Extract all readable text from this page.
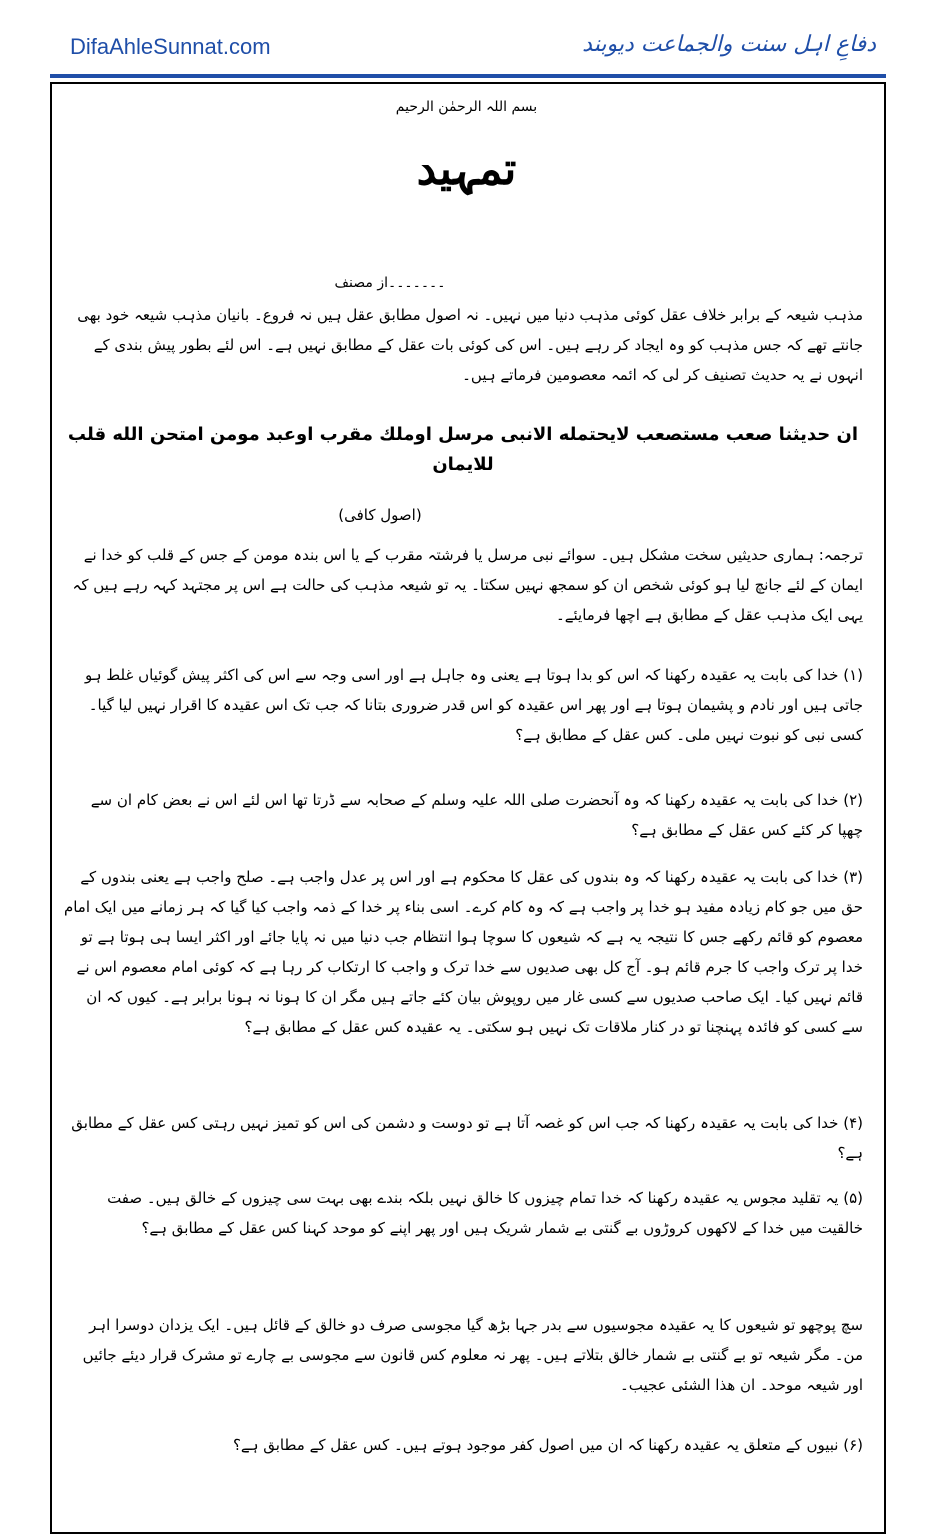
DifaAhleSunnat.com	دفاعِ اہل سنت والجماعت دیوبند
بسم اللہ الرحمٰن الرحیم
تمہید
۔۔۔۔۔۔۔از مصنف
مذہب شیعہ کے برابر خلاف عقل کوئی مذہب دنیا میں نہیں۔ نہ اصول مطابق عقل ہیں نہ فروع۔ بانیان مذہب شیعہ خود بھی جانتے تھے کہ جس مذہب کو وہ ایجاد کر رہے ہیں۔ اس کی کوئی بات عقل کے مطابق نہیں ہے۔ اس لئے بطور پیش بندی کے انہوں نے یہ حدیث تصنیف کر لی کہ ائمہ معصومین فرماتے ہیں۔
ان حديثنا صعب مستصعب لايحتمله الانبى مرسل اوملك مقرب اوعبد مومن امتحن الله قلب للايمان
(اصول کافی)
ترجمہ: ہماری حدیثیں سخت مشکل ہیں۔ سوائے نبی مرسل یا فرشتہ مقرب کے یا اس بندہ مومن کے جس کے قلب کو خدا نے ایمان کے لئے جانچ لیا ہو کوئی شخص ان کو سمجھ نہیں سکتا۔ یہ تو شیعہ مذہب کی حالت ہے اس پر مجتہد کہہ رہے ہیں کہ یہی ایک مذہب عقل کے مطابق ہے اچھا فرمایئے۔
(۱) خدا کی بابت یہ عقیدہ رکھنا کہ اس کو بدا ہوتا ہے یعنی وہ جاہل ہے اور اسی وجہ سے اس کی اکثر پیش گوئیاں غلط ہو جاتی ہیں اور نادم و پشیمان ہوتا ہے اور پھر اس عقیدہ کو اس قدر ضروری بتانا کہ جب تک اس عقیدہ کا اقرار نہیں لیا گیا۔ کسی نبی کو نبوت نہیں ملی۔ کس عقل کے مطابق ہے؟
(۲) خدا کی بابت یہ عقیدہ رکھنا کہ وہ آنحضرت صلی اللہ علیہ وسلم کے صحابہ سے ڈرتا تھا اس لئے اس نے بعض کام ان سے چھپا کر کئے کس عقل کے مطابق ہے؟
(۳) خدا کی بابت یہ عقیدہ رکھنا کہ وہ بندوں کی عقل کا محکوم ہے اور اس پر عدل واجب ہے۔ صلح واجب ہے یعنی بندوں کے حق میں جو کام زیادہ مفید ہو خدا پر واجب ہے کہ وہ کام کرے۔ اسی بناء پر خدا کے ذمہ واجب کیا گیا کہ ہر زمانے میں ایک امام معصوم کو قائم رکھے جس کا نتیجہ یہ ہے کہ شیعوں کا سوچا ہوا انتظام جب دنیا میں نہ پایا جائے اور اکثر ایسا ہی ہوتا ہے تو خدا پر ترک واجب کا جرم قائم ہو۔ آج کل بھی صدیوں سے خدا ترک و واجب کا ارتکاب کر رہا ہے کہ کوئی امام معصوم اس نے قائم نہیں کیا۔ ایک صاحب صدیوں سے کسی غار میں روپوش بیان کئے جاتے ہیں مگر ان کا ہونا نہ ہونا برابر ہے۔ کیوں کہ ان سے کسی کو فائدہ پہنچنا تو در کنار ملاقات تک نہیں ہو سکتی۔ یہ عقیدہ کس عقل کے مطابق ہے؟
(۴) خدا کی بابت یہ عقیدہ رکھنا کہ جب اس کو غصہ آتا ہے تو دوست و دشمن کی اس کو تمیز نہیں رہتی کس عقل کے مطابق ہے؟
(۵) یہ تقلید مجوس یہ عقیدہ رکھنا کہ خدا تمام چیزوں کا خالق نہیں بلکہ بندے بھی بہت سی چیزوں کے خالق ہیں۔ صفت خالقیت میں خدا کے لاکھوں کروڑوں بے گنتی بے شمار شریک ہیں اور پھر اپنے کو موحد کہنا کس عقل کے مطابق ہے؟
سچ پوچھو تو شیعوں کا یہ عقیدہ مجوسیوں سے بدر جہا بڑھ گیا مجوسی صرف دو خالق کے قائل ہیں۔ ایک یزدان دوسرا اہر من۔ مگر شیعہ تو بے گنتی بے شمار خالق بتلاتے ہیں۔ پھر نہ معلوم کس قانون سے مجوسی بے چارے تو مشرک قرار دیئے جائیں اور شیعہ موحد۔ ان ھذا الشئی عجیب۔
(۶) نبیوں کے متعلق یہ عقیدہ رکھنا کہ ان میں اصول کفر موجود ہوتے ہیں۔ کس عقل کے مطابق ہے؟
